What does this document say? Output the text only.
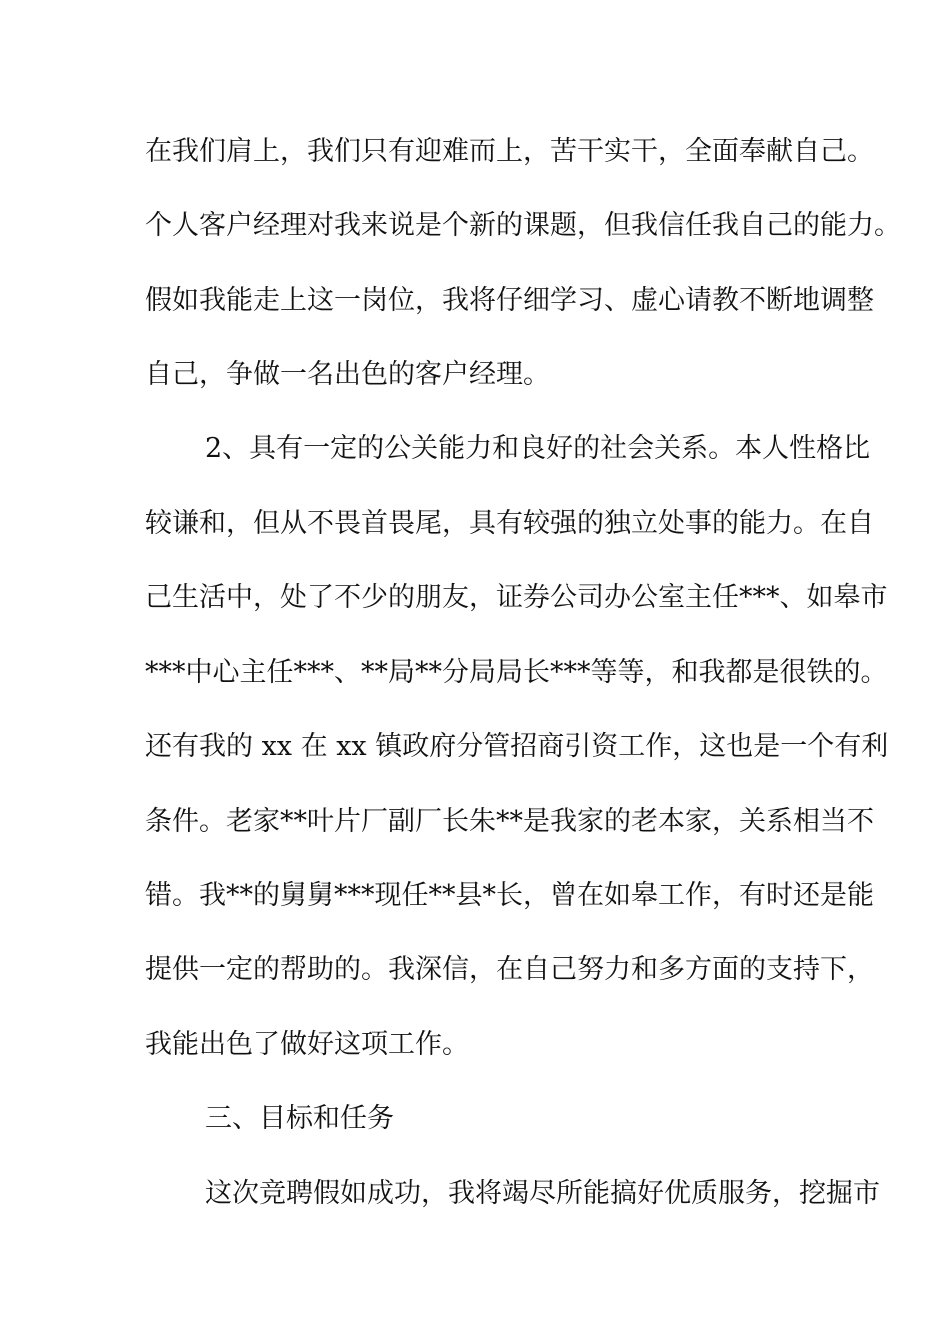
在我们肩上，我们只有迎难而上，苦干实干，全面奉献自己。

个人客户经理对我来说是个新的课题，但我信任我自己的能力。

假如我能走上这一岗位，我将仔细学习、虚心请教不断地调整

自己，争做一名出色的客户经理。

2、具有一定的公关能力和良好的社会关系。本人性格比

较谦和，但从不畏首畏尾，具有较强的独立处事的能力。在自

己生活中，处了不少的朋友，证券公司办公室主任***、如皋市

***中心主任***、**局**分局局长***等等，和我都是很铁的。

还有我的 xx 在 xx 镇政府分管招商引资工作，这也是一个有利

条件。老家**叶片厂副厂长朱**是我家的老本家，关系相当不

错。我**的舅舅***现任**县*长，曾在如皋工作，有时还是能

提供一定的帮助的。我深信，在自己努力和多方面的支持下，

我能出色了做好这项工作。

三、目标和任务

这次竞聘假如成功，我将竭尽所能搞好优质服务，挖掘市
